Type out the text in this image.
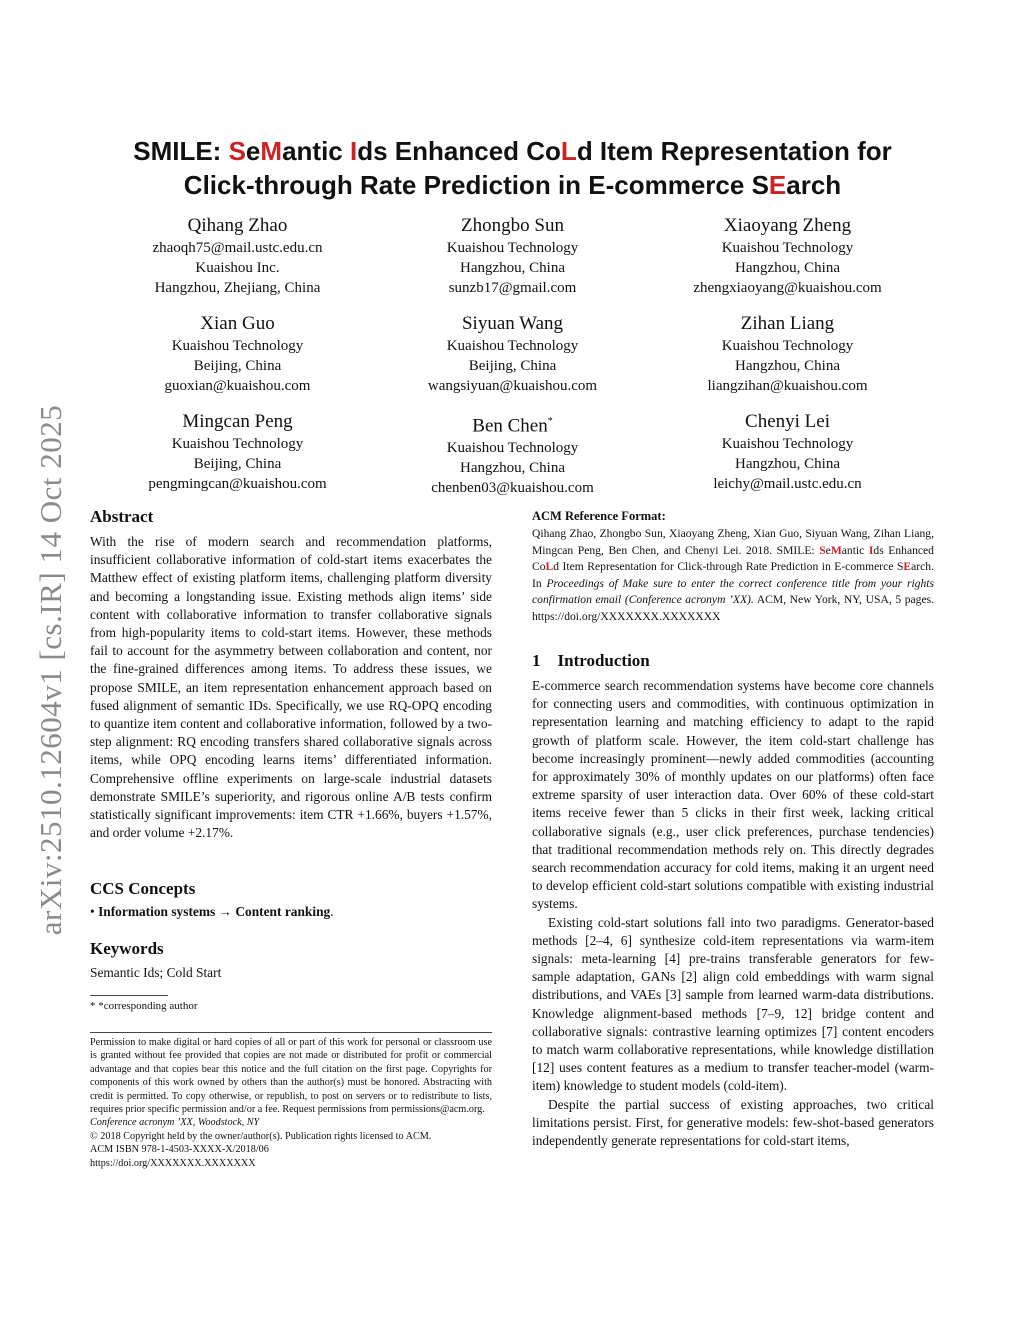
arXiv:2510.12604v1 [cs.IR] 14 Oct 2025
SMILE: SeMantic Ids Enhanced CoLd Item Representation for
Click-through Rate Prediction in E-commerce SEarch
Qihang Zhao
zhaoqh75@mail.ustc.edu.cn
Kuaishou Inc.
Hangzhou, Zhejiang, China
Zhongbo Sun
Kuaishou Technology
Hangzhou, China
sunzb17@gmail.com
Xiaoyang Zheng
Kuaishou Technology
Hangzhou, China
zhengxiaoyang@kuaishou.com
Xian Guo
Kuaishou Technology
Beijing, China
guoxian@kuaishou.com
Siyuan Wang
Kuaishou Technology
Beijing, China
wangsiyuan@kuaishou.com
Zihan Liang
Kuaishou Technology
Hangzhou, China
liangzihan@kuaishou.com
Mingcan Peng
Kuaishou Technology
Beijing, China
pengmingcan@kuaishou.com
Ben Chen*
Kuaishou Technology
Hangzhou, China
chenben03@kuaishou.com
Chenyi Lei
Kuaishou Technology
Hangzhou, China
leichy@mail.ustc.edu.cn
Abstract
With the rise of modern search and recommendation platforms, insufficient collaborative information of cold-start items exacerbates the Matthew effect of existing platform items, challenging platform diversity and becoming a longstanding issue. Existing methods align items’ side content with collaborative information to transfer collaborative signals from high-popularity items to cold-start items. However, these methods fail to account for the asymmetry between collaboration and content, nor the fine-grained differences among items. To address these issues, we propose SMILE, an item representation enhancement approach based on fused alignment of semantic IDs. Specifically, we use RQ-OPQ encoding to quantize item content and collaborative information, followed by a two-step alignment: RQ encoding transfers shared collaborative signals across items, while OPQ encoding learns items’ differentiated information. Comprehensive offline experiments on large-scale industrial datasets demonstrate SMILE’s superiority, and rigorous online A/B tests confirm statistically significant improvements: item CTR +1.66%, buyers +1.57%, and order volume +2.17%.
CCS Concepts
• Information systems → Content ranking.
Keywords
Semantic Ids; Cold Start
* *corresponding author
Permission to make digital or hard copies of all or part of this work for personal or classroom use is granted without fee provided that copies are not made or distributed for profit or commercial advantage and that copies bear this notice and the full citation on the first page. Copyrights for components of this work owned by others than the author(s) must be honored. Abstracting with credit is permitted. To copy otherwise, or republish, to post on servers or to redistribute to lists, requires prior specific permission and/or a fee. Request permissions from permissions@acm.org.
Conference acronym ’XX, Woodstock, NY
© 2018 Copyright held by the owner/author(s). Publication rights licensed to ACM.
ACM ISBN 978-1-4503-XXXX-X/2018/06
https://doi.org/XXXXXXX.XXXXXXX
ACM Reference Format:
Qihang Zhao, Zhongbo Sun, Xiaoyang Zheng, Xian Guo, Siyuan Wang, Zihan Liang, Mingcan Peng, Ben Chen, and Chenyi Lei. 2018. SMILE: SeMantic Ids Enhanced CoLd Item Representation for Click-through Rate Prediction in E-commerce SEarch. In Proceedings of Make sure to enter the correct conference title from your rights confirmation email (Conference acronym ’XX). ACM, New York, NY, USA, 5 pages. https://doi.org/XXXXXXX.XXXXXXX
1    Introduction
E-commerce search recommendation systems have become core channels for connecting users and commodities, with continuous optimization in representation learning and matching efficiency to adapt to the rapid growth of platform scale. However, the item cold-start challenge has become increasingly prominent—newly added commodities (accounting for approximately 30% of monthly updates on our platforms) often face extreme sparsity of user interaction data. Over 60% of these cold-start items receive fewer than 5 clicks in their first week, lacking critical collaborative signals (e.g., user click preferences, purchase tendencies) that traditional recommendation methods rely on. This directly degrades search recommendation accuracy for cold items, making it an urgent need to develop efficient cold-start solutions compatible with existing industrial systems.
Existing cold-start solutions fall into two paradigms. Generator-based methods [2–4, 6] synthesize cold-item representations via warm-item signals: meta-learning [4] pre-trains transferable generators for few-sample adaptation, GANs [2] align cold embeddings with warm signal distributions, and VAEs [3] sample from learned warm-data distributions. Knowledge alignment-based methods [7–9, 12] bridge content and collaborative signals: contrastive learning optimizes [7] content encoders to match warm collaborative representations, while knowledge distillation [12] uses content features as a medium to transfer teacher-model (warm-item) knowledge to student models (cold-item).
Despite the partial success of existing approaches, two critical limitations persist. First, for generative models: few-shot-based generators independently generate representations for cold-start items,
